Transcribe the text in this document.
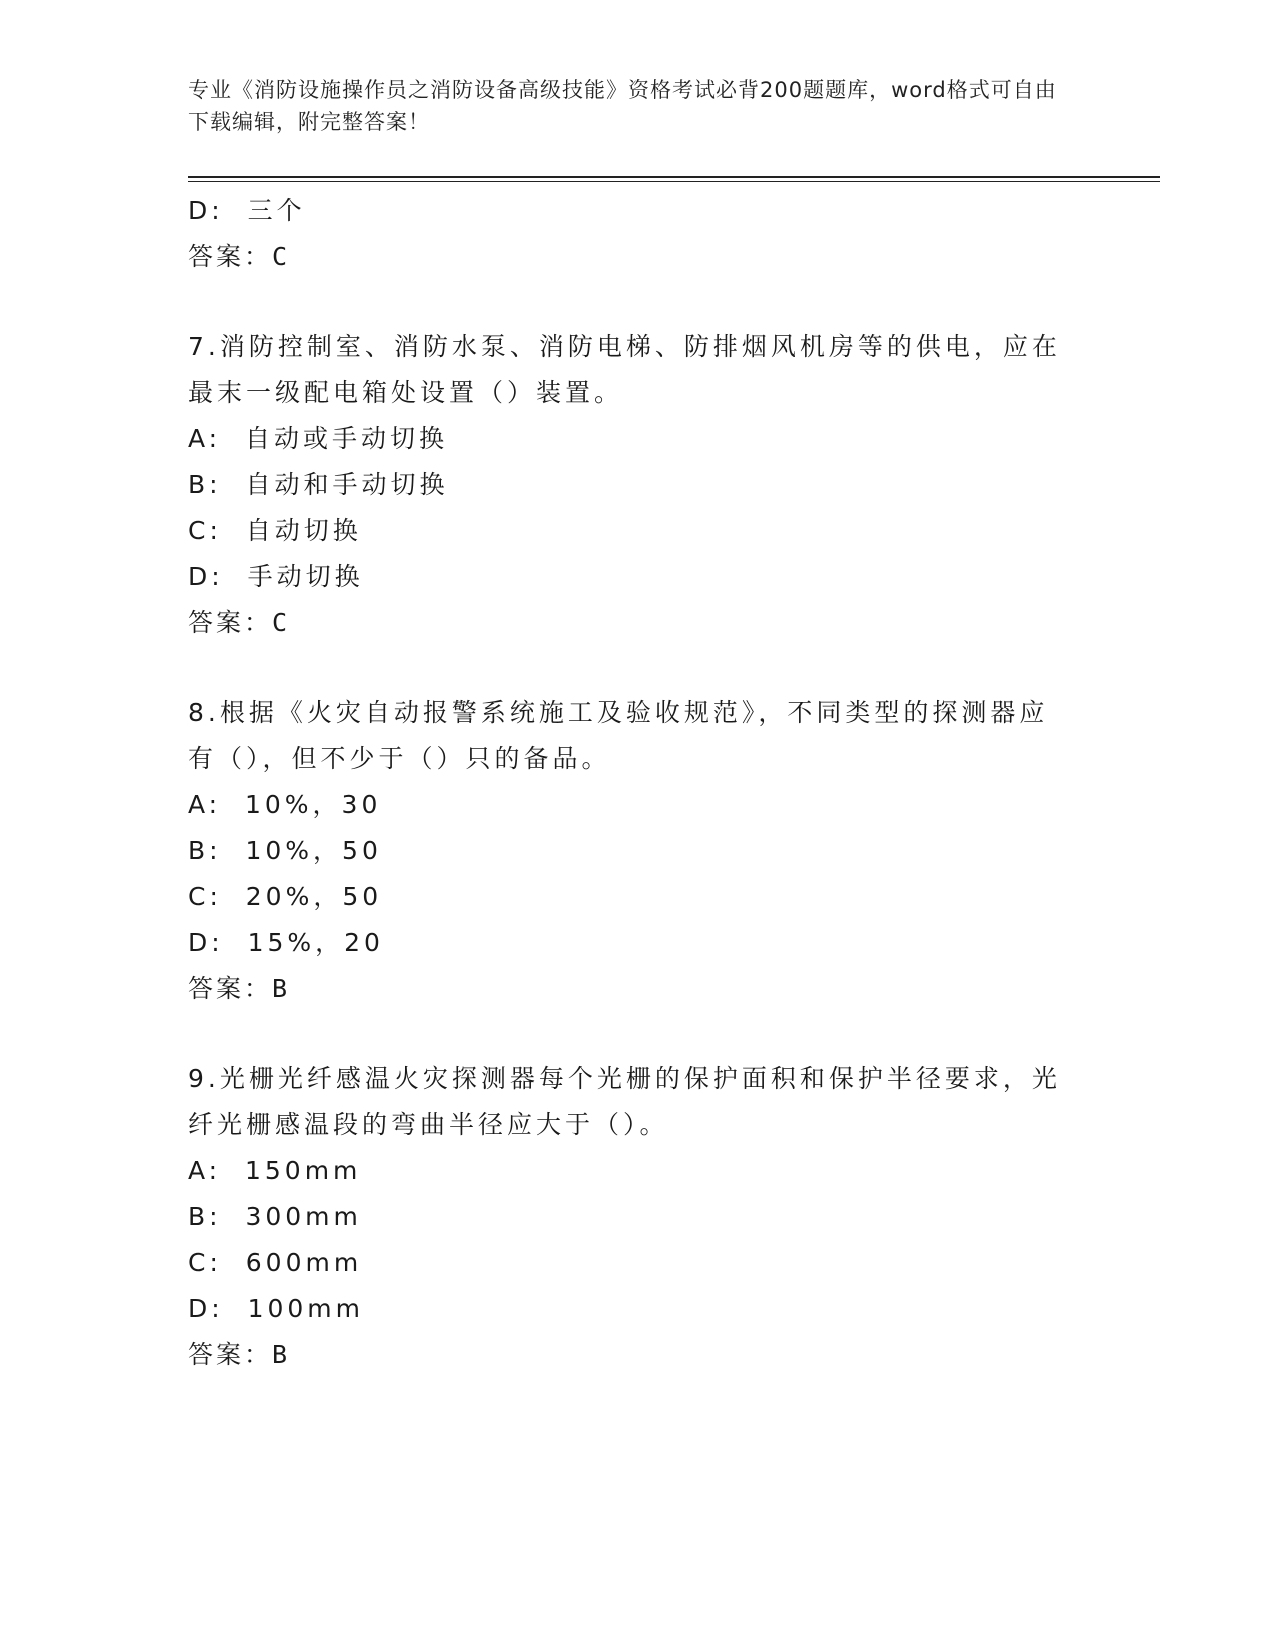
专业《消防设施操作员之消防设备高级技能》资格考试必背200题题库，word格式可自由下载编辑，附完整答案！
D:  三个
答案：C
7.消防控制室、消防水泵、消防电梯、防排烟风机房等的供电，应在
最末一级配电箱处设置（）装置。
A:  自动或手动切换
B:  自动和手动切换
C:  自动切换
D:  手动切换
答案：C
8.根据《火灾自动报警系统施工及验收规范》，不同类型的探测器应
有（），但不少于（）只的备品。
A:  10%，30
B:  10%，50
C:  20%，50
D:  15%，20
答案：B
9.光栅光纤感温火灾探测器每个光栅的保护面积和保护半径要求，光
纤光栅感温段的弯曲半径应大于（）。
A:  150mm
B:  300mm
C:  600mm
D:  100mm
答案：B
